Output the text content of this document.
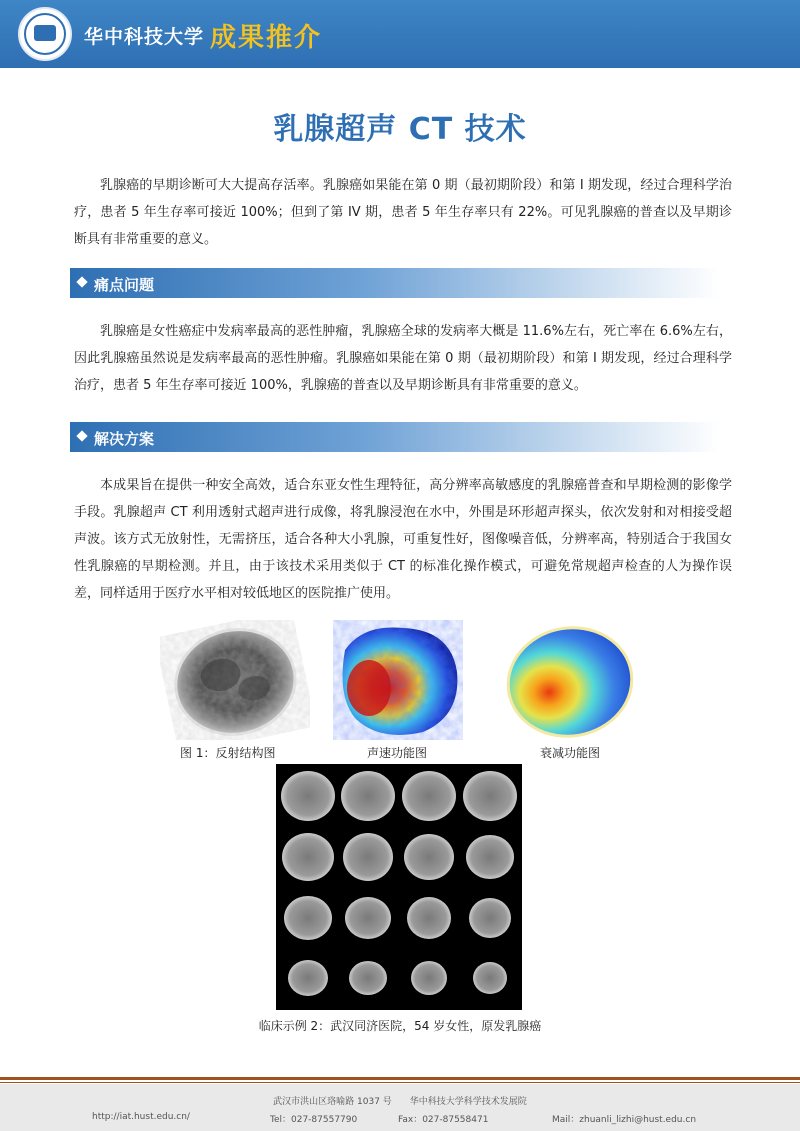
华中科技大学 成果推介
乳腺超声 CT 技术

乳腺癌的早期诊断可大大提高存活率。乳腺癌如果能在第 0 期（最初期阶段）和第 I 期发现，经过合理科学治疗，患者 5 年生存率可接近 100%；但到了第 IV 期，患者 5 年生存率只有 22%。可见乳腺癌的普查以及早期诊断具有非常重要的意义。

痛点问题

乳腺癌是女性癌症中发病率最高的恶性肿瘤，乳腺癌全球的发病率大概是 11.6%左右，死亡率在 6.6%左右，因此乳腺癌虽然说是发病率最高的恶性肿瘤。乳腺癌如果能在第 0 期（最初期阶段）和第 I 期发现，经过合理科学治疗，患者 5 年生存率可接近 100%，乳腺癌的普查以及早期诊断具有非常重要的意义。

解决方案

本成果旨在提供一种安全高效，适合东亚女性生理特征，高分辨率高敏感度的乳腺癌普查和早期检测的影像学手段。乳腺超声 CT 利用透射式超声进行成像，将乳腺浸泡在水中，外围是环形超声探头，依次发射和对相接受超声波。该方式无放射性，无需挤压，适合各种大小乳腺，可重复性好，图像噪音低，分辨率高，特别适合于我国女性乳腺癌的早期检测。并且，由于该技术采用类似于 CT 的标准化操作模式，可避免常规超声检查的人为操作误差，同样适用于医疗水平相对较低地区的医院推广使用。

图 1：反射结构图	声速功能图	衰减功能图
临床示例 2：武汉同济医院，54 岁女性，原发乳腺癌
武汉市洪山区珞喻路 1037 号　　华中科技大学科学技术发展院
http://iat.hust.edu.cn/	Tel：027-87557790	Fax：027-87558471	Mail：zhuanli_lizhi@hust.edu.cn
